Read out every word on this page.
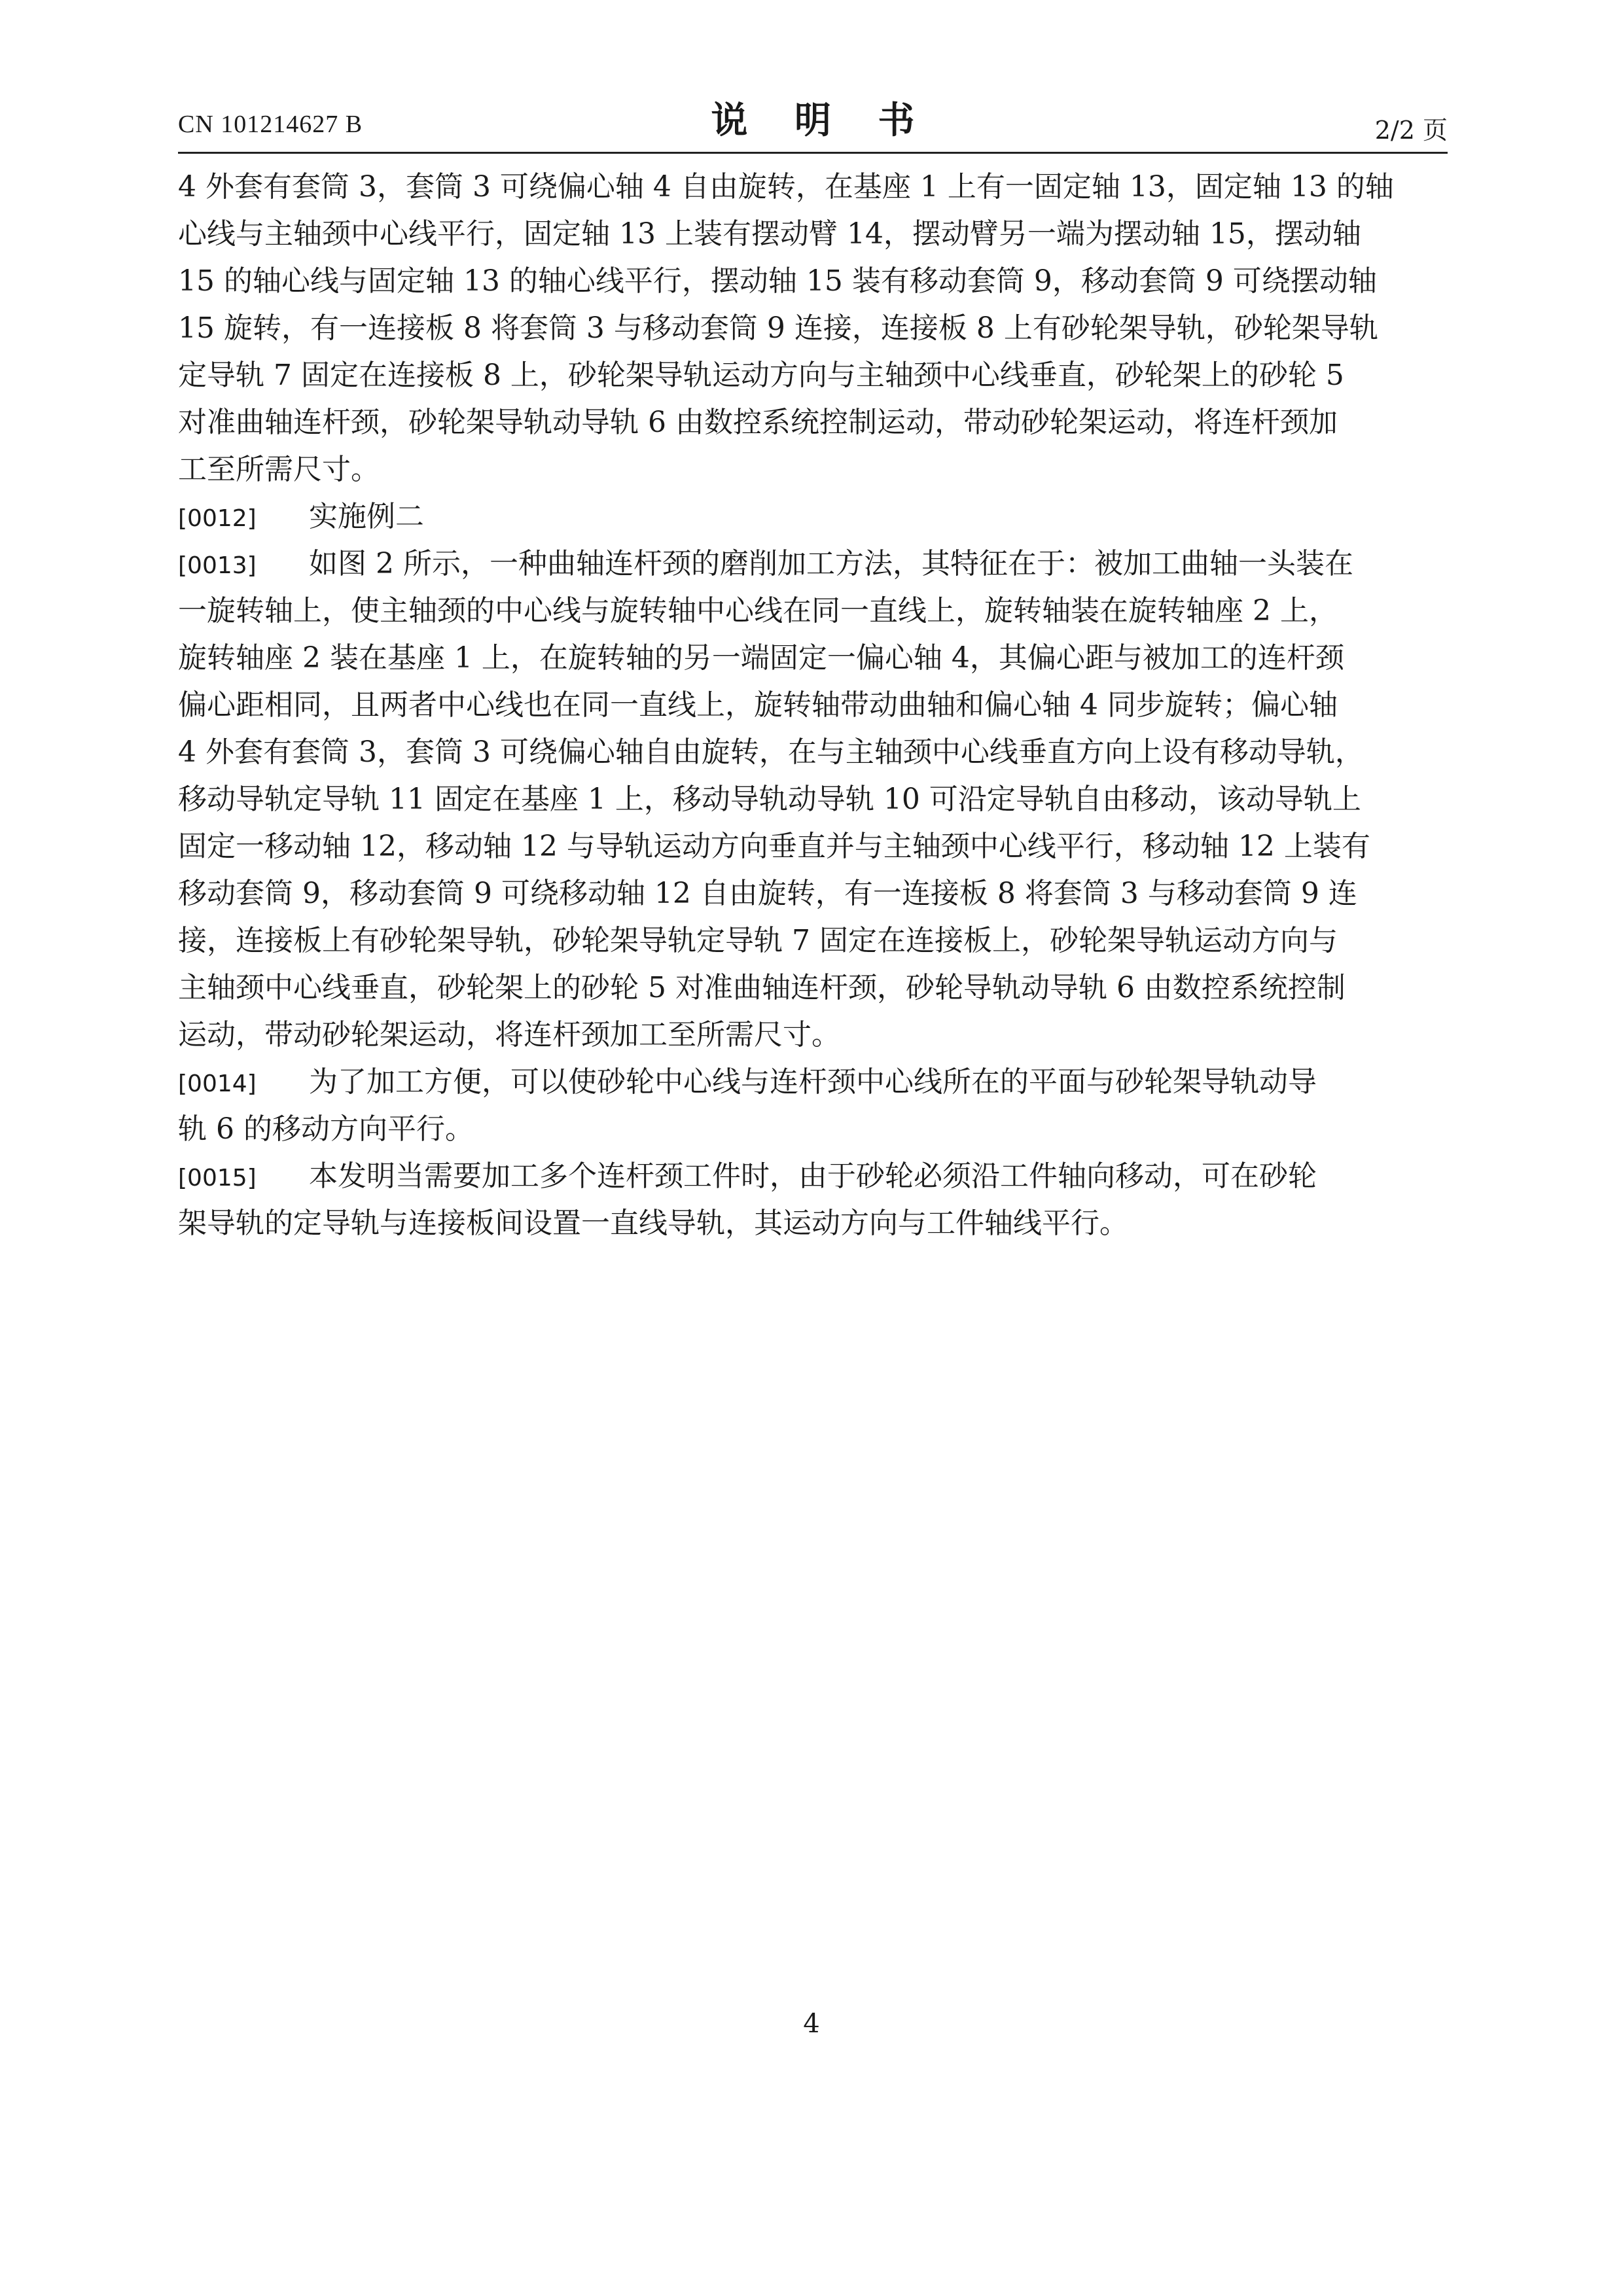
CN 101214627 B	说 明 书	2/2 页
4 外套有套筒 3，套筒 3 可绕偏心轴 4 自由旋转，在基座 1 上有一固定轴 13，固定轴 13 的轴
心线与主轴颈中心线平行，固定轴 13 上装有摆动臂 14，摆动臂另一端为摆动轴 15，摆动轴
15 的轴心线与固定轴 13 的轴心线平行，摆动轴 15 装有移动套筒 9，移动套筒 9 可绕摆动轴
15 旋转，有一连接板 8 将套筒 3 与移动套筒 9 连接，连接板 8 上有砂轮架导轨，砂轮架导轨
定导轨 7 固定在连接板 8 上，砂轮架导轨运动方向与主轴颈中心线垂直，砂轮架上的砂轮 5
对准曲轴连杆颈，砂轮架导轨动导轨 6 由数控系统控制运动，带动砂轮架运动，将连杆颈加
工至所需尺寸。
[0012] 实施例二
[0013] 如图 2 所示，一种曲轴连杆颈的磨削加工方法，其特征在于：被加工曲轴一头装在
一旋转轴上，使主轴颈的中心线与旋转轴中心线在同一直线上，旋转轴装在旋转轴座 2 上，
旋转轴座 2 装在基座 1 上，在旋转轴的另一端固定一偏心轴 4，其偏心距与被加工的连杆颈
偏心距相同，且两者中心线也在同一直线上，旋转轴带动曲轴和偏心轴 4 同步旋转；偏心轴
4 外套有套筒 3，套筒 3 可绕偏心轴自由旋转，在与主轴颈中心线垂直方向上设有移动导轨，
移动导轨定导轨 11 固定在基座 1 上，移动导轨动导轨 10 可沿定导轨自由移动，该动导轨上
固定一移动轴 12，移动轴 12 与导轨运动方向垂直并与主轴颈中心线平行，移动轴 12 上装有
移动套筒 9，移动套筒 9 可绕移动轴 12 自由旋转，有一连接板 8 将套筒 3 与移动套筒 9 连
接，连接板上有砂轮架导轨，砂轮架导轨定导轨 7 固定在连接板上，砂轮架导轨运动方向与
主轴颈中心线垂直，砂轮架上的砂轮 5 对准曲轴连杆颈，砂轮导轨动导轨 6 由数控系统控制
运动，带动砂轮架运动，将连杆颈加工至所需尺寸。
[0014] 为了加工方便，可以使砂轮中心线与连杆颈中心线所在的平面与砂轮架导轨动导
轨 6 的移动方向平行。
[0015] 本发明当需要加工多个连杆颈工件时，由于砂轮必须沿工件轴向移动，可在砂轮
架导轨的定导轨与连接板间设置一直线导轨，其运动方向与工件轴线平行。
4
